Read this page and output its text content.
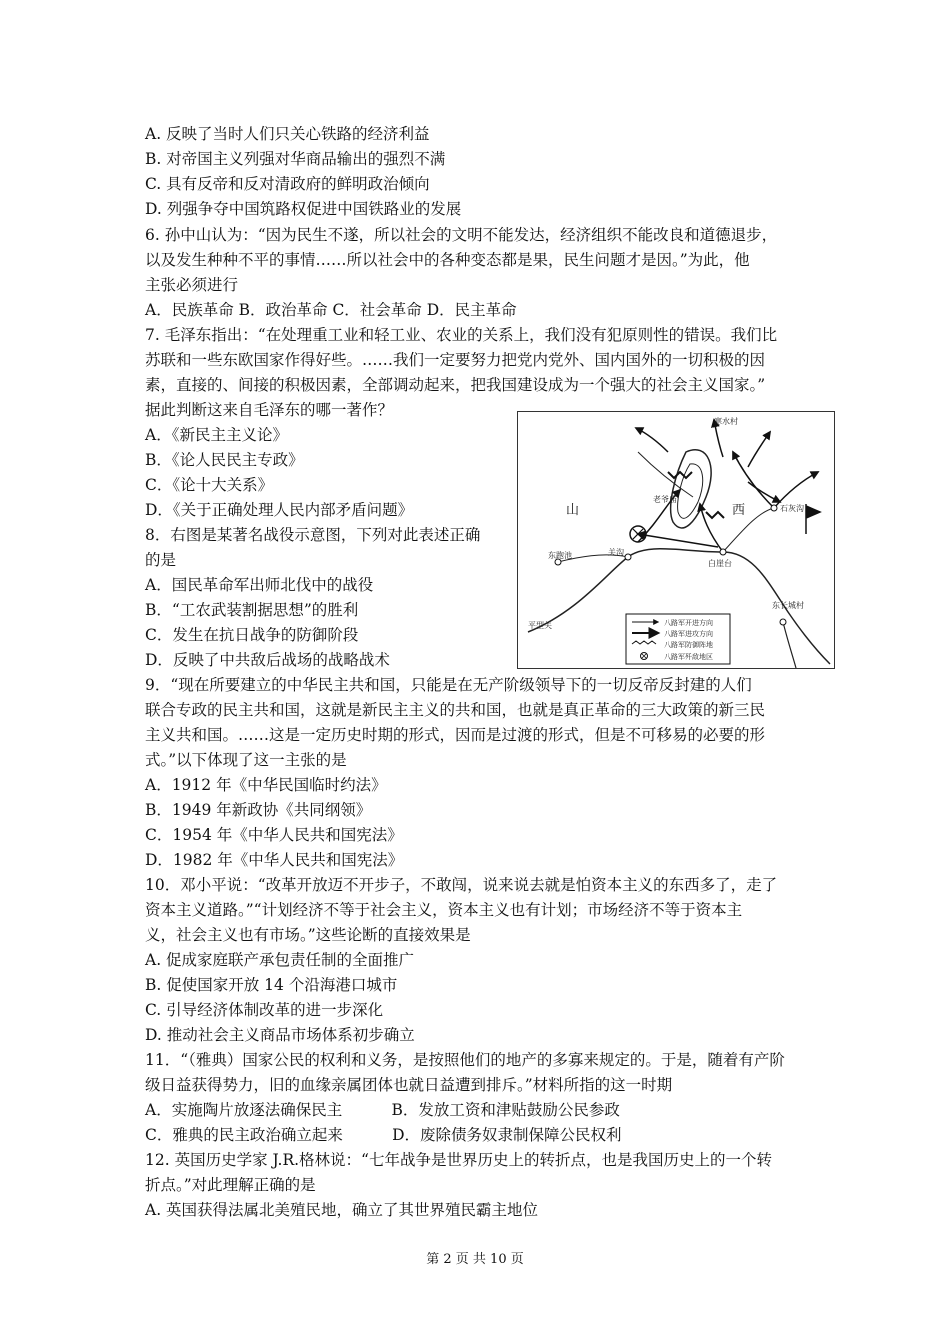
A. 反映了当时人们只关心铁路的经济利益
B. 对帝国主义列强对华商品输出的强烈不满
C. 具有反帝和反对清政府的鲜明政治倾向
D. 列强争夺中国筑路权促进中国铁路业的发展
6. 孙中山认为：“因为民生不遂，所以社会的文明不能发达，经济组织不能改良和道德退步，
以及发生种种不平的事情……所以社会中的各种变态都是果，民生问题才是因。”为此，他
主张必须进行
A．民族革命 B．政治革命 C．社会革命 D．民主革命
7. 毛泽东指出：“在处理重工业和轻工业、农业的关系上，我们没有犯原则性的错误。我们比
苏联和一些东欧国家作得好些。……我们一定要努力把党内党外、国内国外的一切积极的因
素，直接的、间接的积极因素，全部调动起来，把我国建设成为一个强大的社会主义国家。”
据此判断这来自毛泽东的哪一著作？
A．《新民主主义论》
B．《论人民民主专政》
C．《论十大关系》
D．《关于正确处理人民内部矛盾问题》
8．右图是某著名战役示意图，下列对此表述正确
的是
A．国民革命军出师北伐中的战役
B．“工农武装割据思想”的胜利
C．发生在抗日战争的防御阶段
D．反映了中共敌后战场的战略战术
9．“现在所要建立的中华民主共和国，只能是在无产阶级领导下的一切反帝反封建的人们
联合专政的民主共和国，这就是新民主主义的共和国，也就是真正革命的三大政策的新三民
主义共和国。……这是一定历史时期的形式，因而是过渡的形式，但是不可移易的必要的形
式。”以下体现了这一主张的是
A．1912 年《中华民国临时约法》
B．1949 年新政协《共同纲领》
C．1954 年《中华人民共和国宪法》
D．1982 年《中华人民共和国宪法》
10．邓小平说：“改革开放迈不开步子，不敢闯，说来说去就是怕资本主义的东西多了，走了
资本主义道路。”“计划经济不等于社会主义，资本主义也有计划；市场经济不等于资本主
义，社会主义也有市场。”这些论断的直接效果是
A. 促成家庭联产承包责任制的全面推广
B. 促使国家开放 14 个沿海港口城市
C. 引导经济体制改革的进一步深化
D. 推动社会主义商品市场体系初步确立
11．“（雅典）国家公民的权利和义务，是按照他们的地产的多寡来规定的。于是，随着有产阶
级日益获得势力，旧的血缘亲属团体也就日益遭到排斥。”材料所指的这一时期
A．实施陶片放逐法确保民主          B．发放工资和津贴鼓励公民参政
C．雅典的民主政治确立起来          D．废除债务奴隶制保障公民权利
12. 英国历史学家 J.R.格林说：“七年战争是世界历史上的转折点，也是我国历史上的一个转
折点。”对此理解正确的是
A. 英国获得法属北美殖民地，确立了其世界殖民霸主地位
寒水村
山	西
老爷庙
石灰沟
东跑池	关沟
白崖台
东长城村
平型关	八路军开进方向
八路军进攻方向
八路军防御阵地
八路军歼敌地区
第 2 页 共 10 页
